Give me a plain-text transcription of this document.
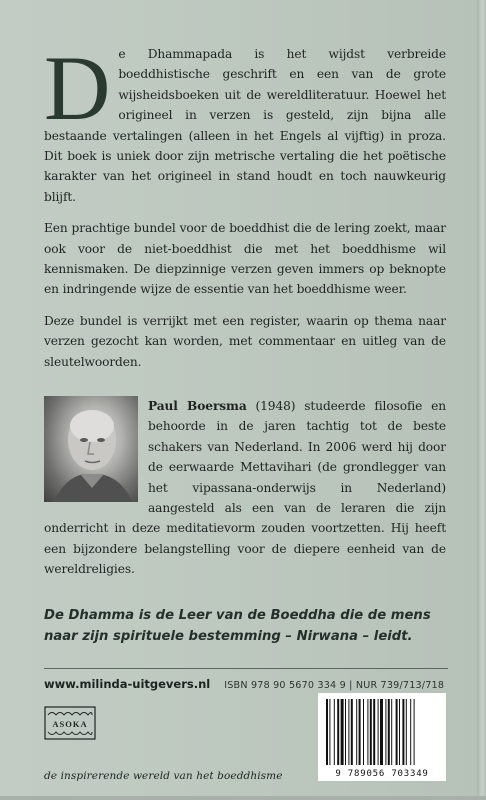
De Dhammapada is het wijdst verbreide boeddhistische geschrift en een van de grote wijsheidsboeken uit de wereldliteratuur. Hoewel het origineel in verzen is gesteld, zijn bijna alle bestaande vertalingen (alleen in het Engels al vijftig) in proza. Dit boek is uniek door zijn metrische vertaling die het poëtische karakter van het origineel in stand houdt en toch nauwkeurig blijft.

Een prachtige bundel voor de boeddhist die de lering zoekt, maar ook voor de niet-boeddhist die met het boeddhisme wil kennismaken. De diepzinnige verzen geven immers op beknopte en indringende wijze de essentie van het boeddhisme weer.

Deze bundel is verrijkt met een register, waarin op thema naar verzen gezocht kan worden, met commentaar en uitleg van de sleutelwoorden.

Paul Boersma (1948) studeerde filosofie en behoorde in de jaren tachtig tot de beste schakers van Nederland. In 2006 werd hij door de eerwaarde Mettavihari (de grondlegger van het vipassana-onderwijs in Nederland) aangesteld als een van de leraren die zijn onderricht in deze meditatievorm zouden voortzetten. Hij heeft een bijzondere belangstelling voor de diepere eenheid van de wereldreligies.

De Dhamma is de Leer van de Boeddha die de mens naar zijn spirituele bestemming – Nirwana – leidt.
www.milinda-uitgevers.nl ISBN 978 90 5670 334 9 | NUR 739/713/718
ASOKA
9 789056 703349
de inspirerende wereld van het boeddhisme
